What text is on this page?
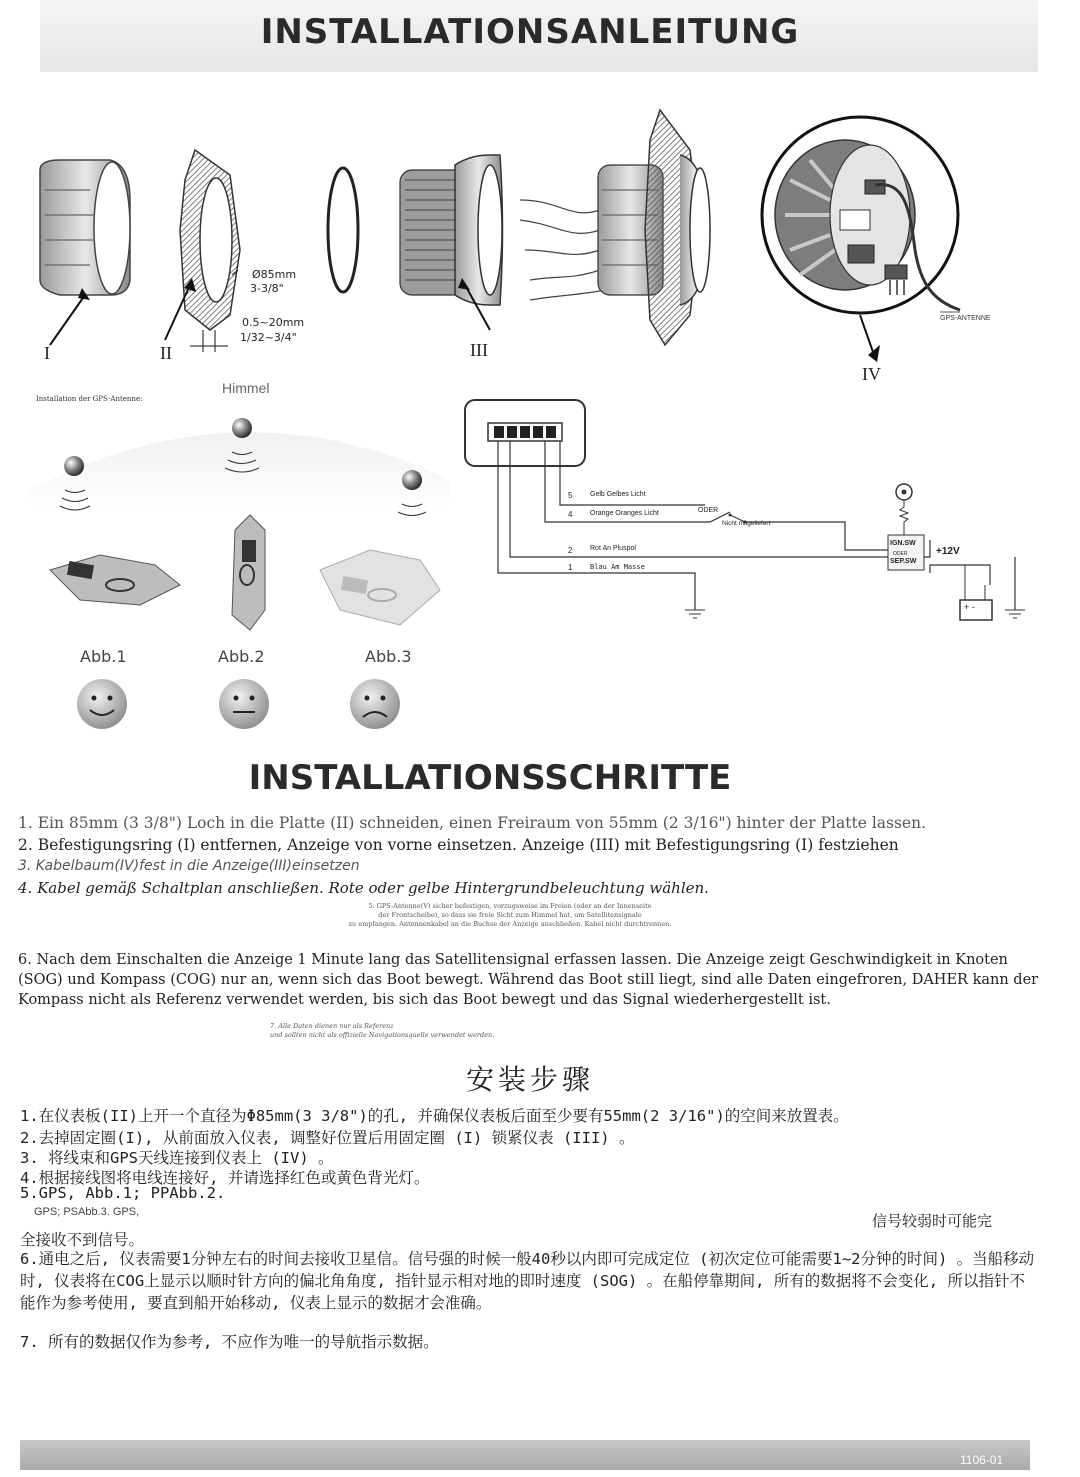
INSTALLATIONSANLEITUNG
I	II	III
IV
Ø85mm
3-3/8"
0.5~20mm
1/32~3/4"
GPS-ANTENNE
Installation der GPS-Antenne:
Himmel
Abb.1	Abb.2	Abb.3
5	Gelb Gelbes Licht
4	Orange Oranges Licht
2	Rot An Pluspol
1	Blau Am Masse
ODER
Nicht mitgeliefert
IGN.SW
ODER
SEP.SW
+12V
+ -
INSTALLATIONSSCHRITTE
1. Ein 85mm (3 3/8") Loch in die Platte (II) schneiden, einen Freiraum von 55mm (2 3/16") hinter der Platte lassen.
2. Befestigungsring (I) entfernen, Anzeige von vorne einsetzen. Anzeige (III) mit Befestigungsring (I) festziehen
3. Kabelbaum(IV)fest in die Anzeige(III)einsetzen
4. Kabel gemäß Schaltplan anschließen. Rote oder gelbe Hintergrundbeleuchtung wählen.
5. GPS-Antenne(V) sicher befestigen, vorzugsweise im Freien (oder an der Innenseite
der Frontscheibe), so dass sie freie Sicht zum Himmel hat, um Satellitensignale
zu empfangen. Antennenkabel an die Buchse der Anzeige anschließen. Kabel nicht durchtrennen.
6. Nach dem Einschalten die Anzeige 1 Minute lang das Satellitensignal erfassen lassen. Die Anzeige zeigt Geschwindigkeit in Knoten (SOG) und Kompass (COG) nur an, wenn sich das Boot bewegt. Während das Boot still liegt, sind alle Daten eingefroren, DAHER kann der Kompass nicht als Referenz verwendet werden, bis sich das Boot bewegt und das Signal wiederhergestellt ist.
7. Alle Daten dienen nur als Referenz
und sollten nicht als offizielle Navigationsquelle verwendet werden.
安装步骤
1.在仪表板(II)上开一个直径为Φ85mm(3 3/8")的孔, 并确保仪表板后面至少要有55mm(2 3/16")的空间来放置表。
2.去掉固定圈(I), 从前面放入仪表, 调整好位置后用固定圈 (I) 锁紧仪表 (III) 。
3. 将线束和GPS天线连接到仪表上 (IV) 。
4.根据接线图将电线连接好, 并请选择红色或黄色背光灯。
5.GPS, Abb.1; PPAbb.2.
GPS; PSAbb.3. GPS,
信号较弱时可能完
全接收不到信号。
6.通电之后, 仪表需要1分钟左右的时间去接收卫星信。信号强的时候一般40秒以内即可完成定位 (初次定位可能需要1~2分钟的时间) 。当船移动时, 仪表将在COG上显示以顺时针方向的偏北角角度, 指针显示相对地的即时速度 (SOG) 。在船停靠期间, 所有的数据将不会变化, 所以指针不能作为参考使用, 要直到船开始移动, 仪表上显示的数据才会准确。
7. 所有的数据仅作为参考, 不应作为唯一的导航指示数据。
1106-01
